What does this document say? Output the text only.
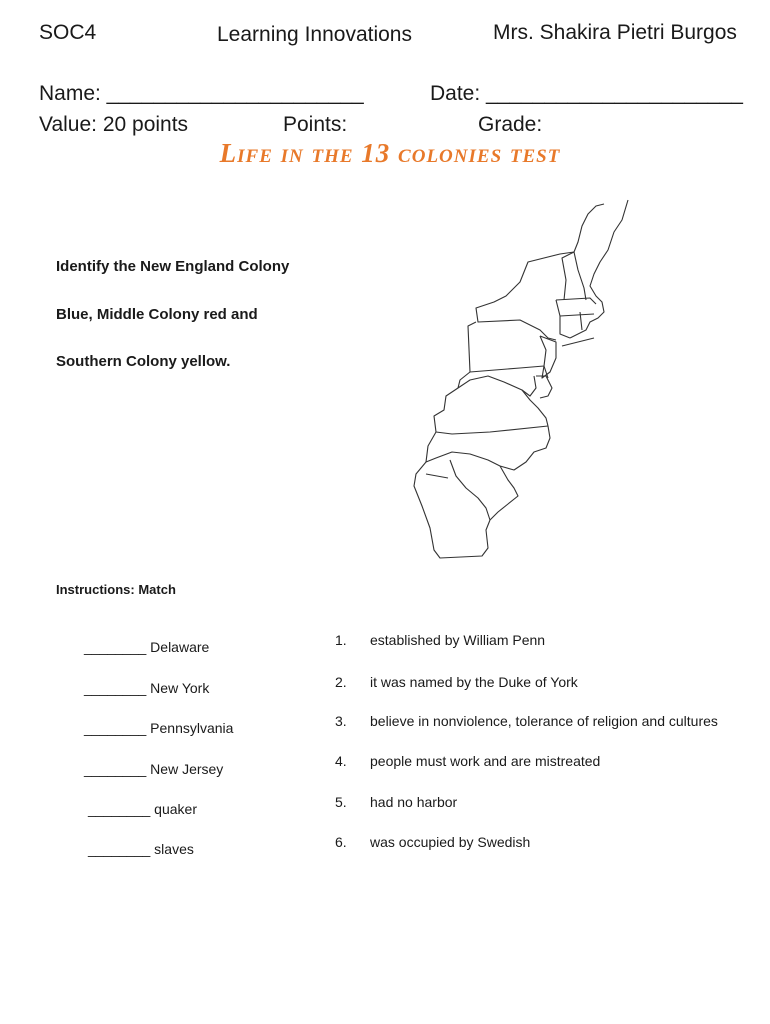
SOC4	Learning Innovations	Mrs. Shakira Pietri Burgos
Name: ______________________	Date: ______________________
Value: 20 points	Points:	Grade:
Life in the 13 colonies test
Identify the New England Colony
Blue, Middle Colony red and
Southern Colony yellow.
Instructions: Match
________ Delaware
________ New York
________ Pennsylvania
________ New Jersey
________ quaker
________ slaves
1. established by William Penn
2. it was named by the Duke of York
3. believe in nonviolence, tolerance of religion and cultures
4. people must work and are mistreated
5. had no harbor
6. was occupied by Swedish
